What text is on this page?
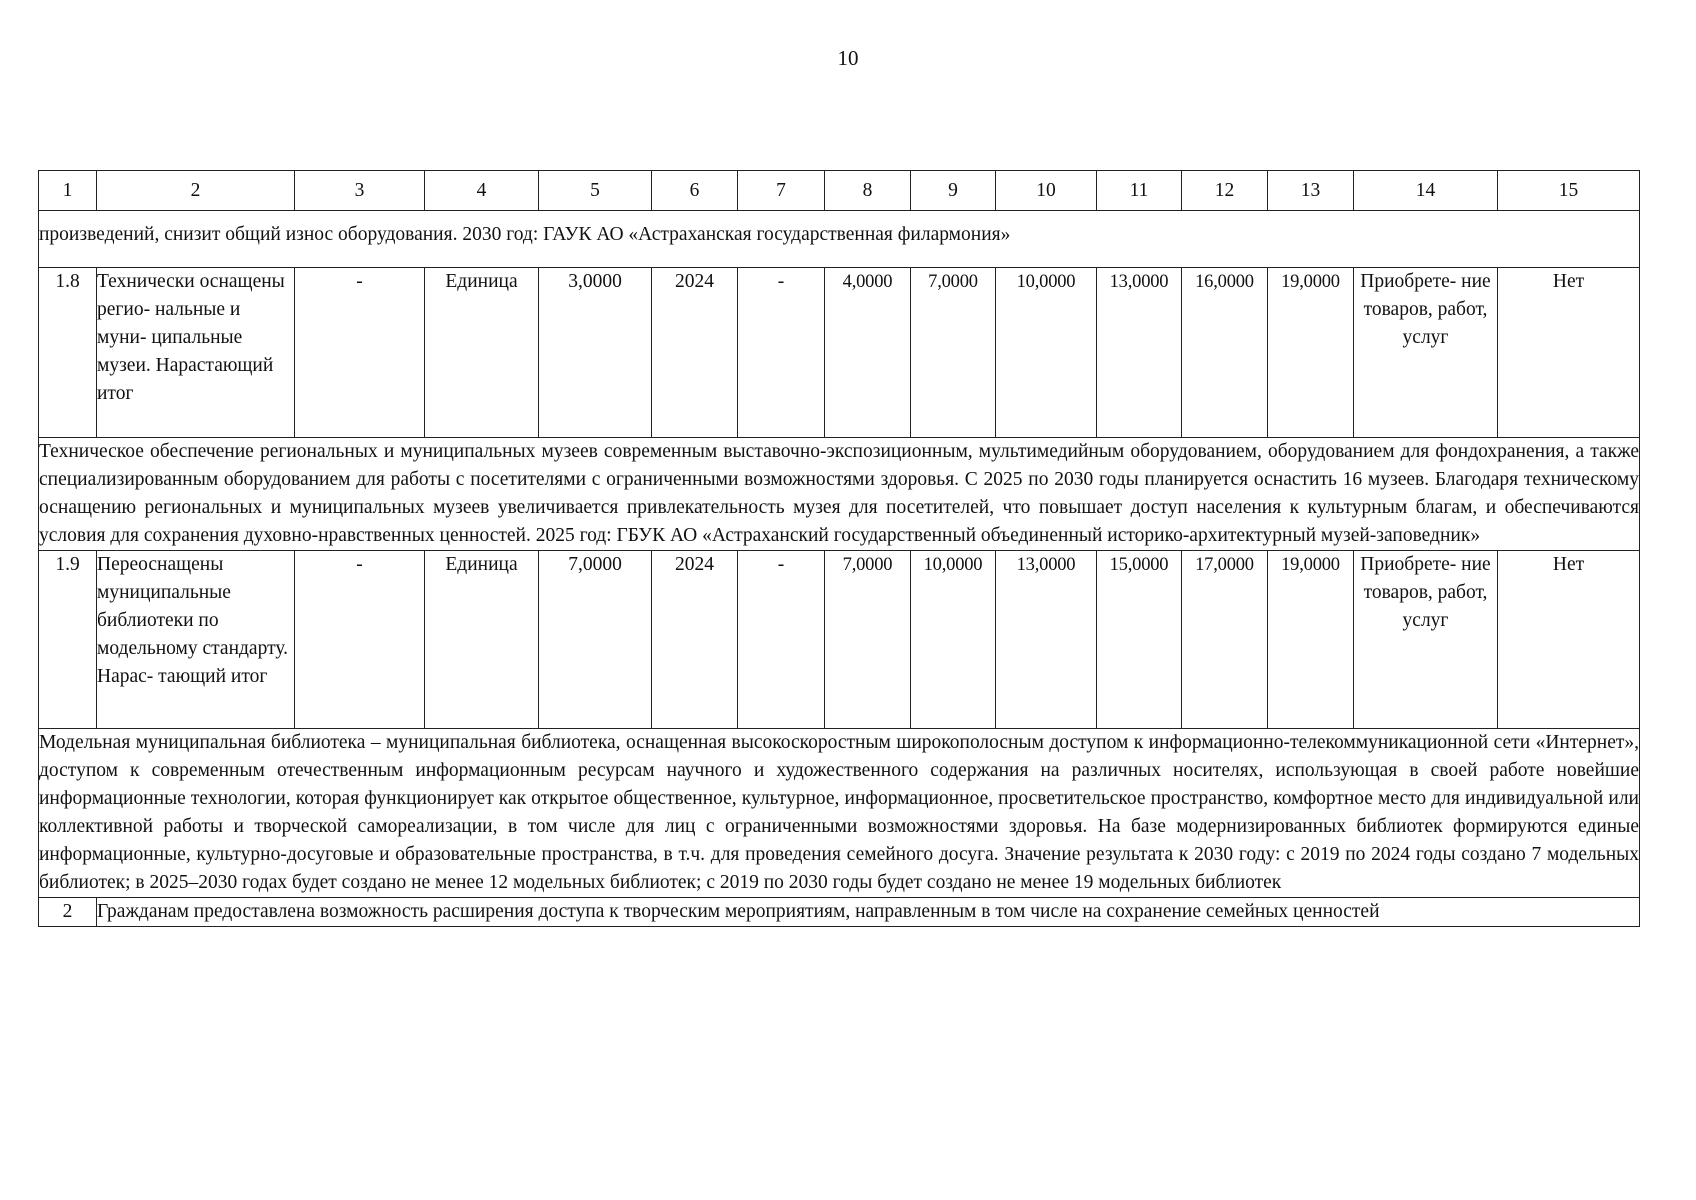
10
1	2	3	4	5	6	7	8	9	10	11	12	13	14	15
произведений, снизит общий износ оборудования. 2030 год: ГАУК АО «Астраханская государственная филармония»														
1.8	Технически оснащены регио- нальные и муни- ципальные музеи. Нарастающий итог	-	Единица	3,0000	2024	-	4,0000	7,0000	10,0000	13,0000	16,0000	19,0000	Приобрете- ние товаров, работ, услуг	Нет
Техническое обеспечение региональных и муниципальных музеев современным выставочно-экспозиционным, мультимедийным оборудованием, оборудованием для фондохранения, а также специализированным оборудованием для работы с посетителями с ограниченными возможностями здоровья. С 2025 по 2030 годы планируется оснастить 16 музеев. Благодаря техническому оснащению региональных и муниципальных музеев увеличивается привлекательность музея для посетителей, что повышает доступ населения к культурным благам, и обеспечиваются условия для сохранения духовно-нравственных ценностей. 2025 год: ГБУК АО «Астраханский государственный объединенный историко-архитектурный музей-заповедник»														
1.9	Переоснащены муниципальные библиотеки по модельному стандарту. Нарас- тающий итог	-	Единица	7,0000	2024	-	7,0000	10,0000	13,0000	15,0000	17,0000	19,0000	Приобрете- ние товаров, работ, услуг	Нет
Модельная муниципальная библиотека – муниципальная библиотека, оснащенная высокоскоростным широкополосным доступом к информационно-телекоммуникационной сети «Интернет», доступом к современным отечественным информационным ресурсам научного и художественного содержания на различных носителях, использующая в своей работе новейшие информационные технологии, которая функционирует как открытое общественное, культурное, информационное, просветительское пространство, комфортное место для индивидуальной или коллективной работы и творческой самореализации, в том числе для лиц с ограниченными возможностями здоровья. На базе модернизированных библиотек формируются единые информационные, культурно-досуговые и образовательные пространства, в т.ч. для проведения семейного досуга. Значение результата к 2030 году: с 2019 по 2024 годы создано 7 модельных библиотек; в 2025–2030 годах будет создано не менее 12 модельных библиотек; с 2019 по 2030 годы будет создано не менее 19 модельных библиотек														
2	Гражданам предоставлена возможность расширения доступа к творческим мероприятиям, направленным в том числе на сохранение семейных ценностей													
